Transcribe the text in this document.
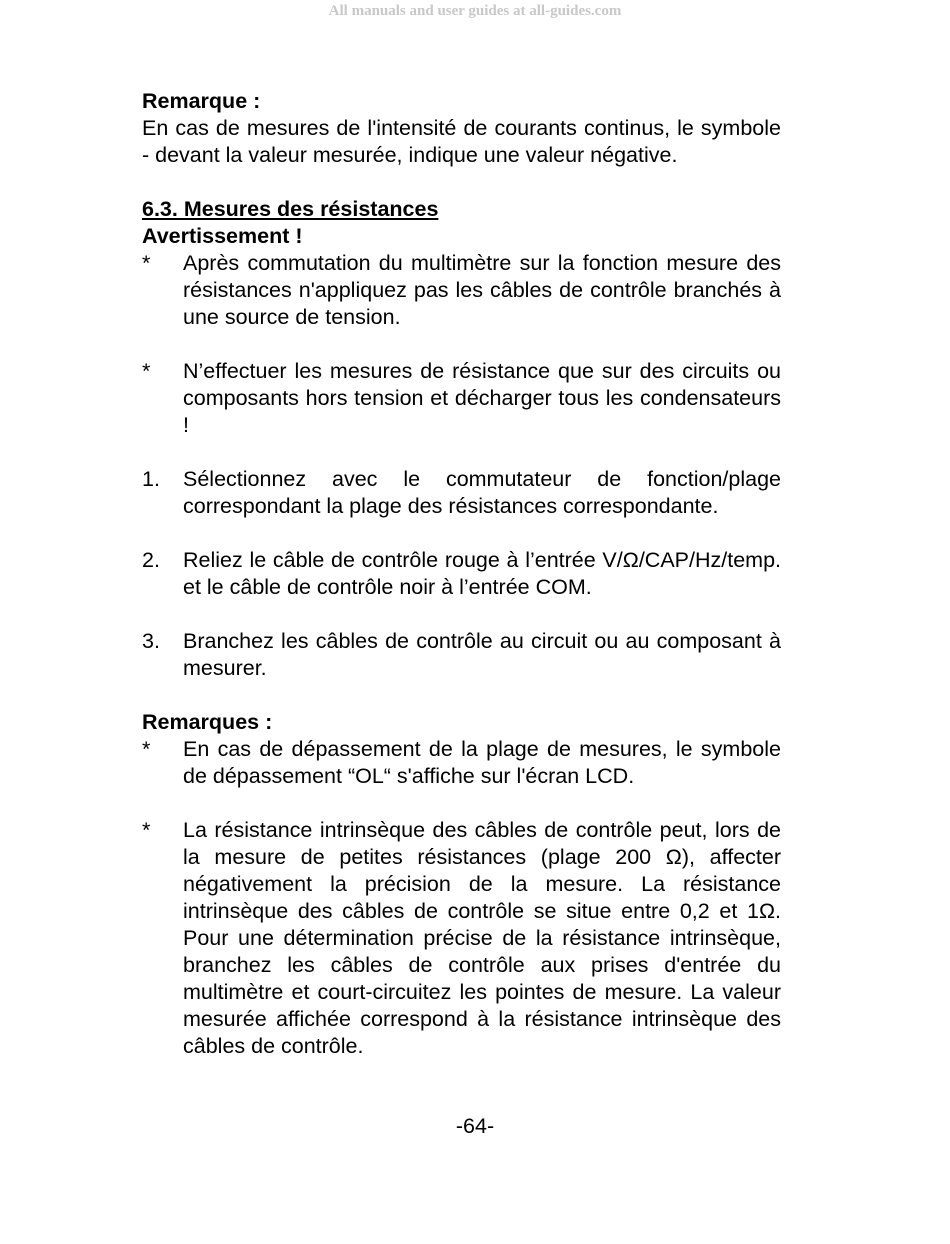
All manuals and user guides at all-guides.com
Remarque :

En cas de mesures de l'intensité de courants continus, le symbole - devant la valeur mesurée, indique une valeur négative.

6.3. Mesures des résistances
Avertissement !
*	Après commutation du multimètre sur la fonction mesure des résistances n'appliquez pas les câbles de contrôle branchés à une source de tension.
*	N’effectuer les mesures de résistance que sur des circuits ou composants hors tension et décharger tous les condensateurs !
1.	Sélectionnez avec le commutateur de fonction/plage correspondant la plage des résistances correspondante.
2.	Reliez le câble de contrôle rouge à l’entrée V/Ω/CAP/Hz/temp. et le câble de contrôle noir à l’entrée COM.
3.	Branchez les câbles de contrôle au circuit ou au composant à mesurer.
Remarques :
*	En cas de dépassement de la plage de mesures, le symbole de dépassement “OL“ s'affiche sur l'écran LCD.
*	La résistance intrinsèque des câbles de contrôle peut, lors de la mesure de petites résistances (plage 200 Ω), affecter négativement la précision de la mesure. La résistance intrinsèque des câbles de contrôle se situe entre 0,2 et 1Ω. Pour une détermination précise de la résistance intrinsèque, branchez les câbles de contrôle aux prises d'entrée du multimètre et court-circuitez les pointes de mesure. La valeur mesurée affichée correspond à la résistance intrinsèque des câbles de contrôle.
-64-
